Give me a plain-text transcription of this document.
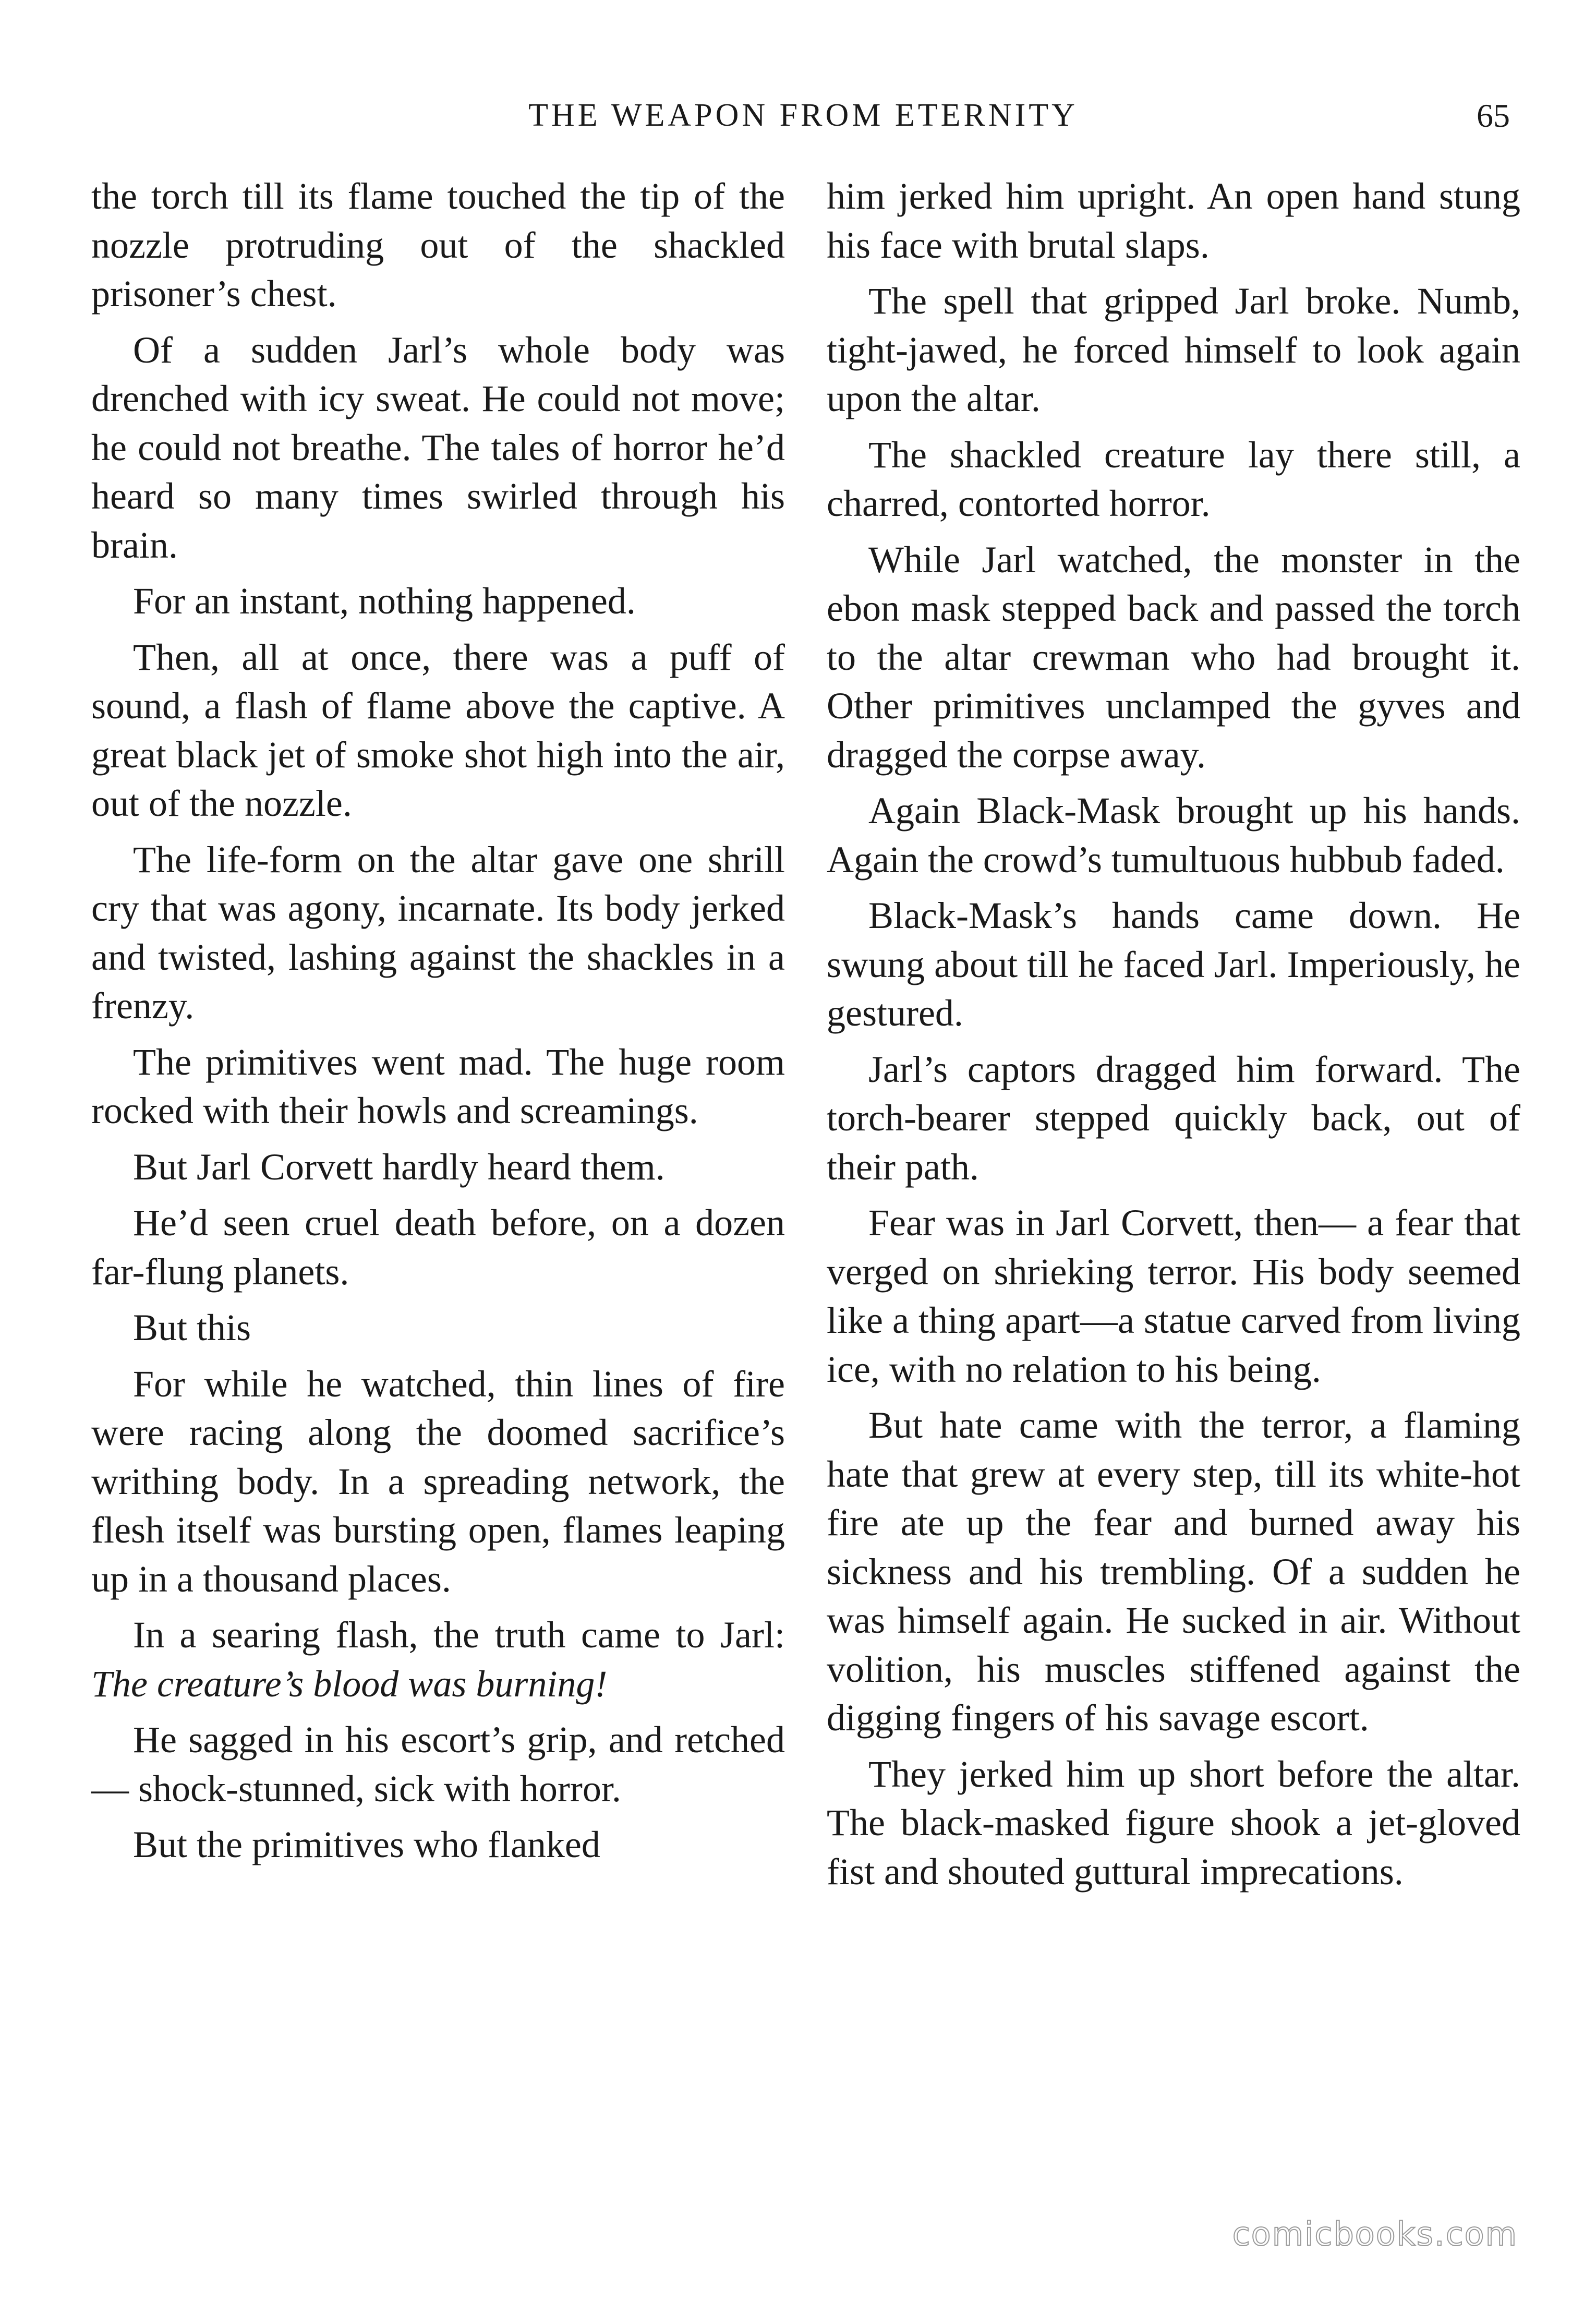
THE WEAPON FROM ETERNITY	65

the torch till its flame touched the tip of the nozzle protruding out of the shackled prisoner’s chest.

Of a sudden Jarl’s whole body was drenched with icy sweat. He could not move; he could not breathe. The tales of horror he’d heard so many times swirled through his brain.

For an instant, nothing happened.

Then, all at once, there was a puff of sound, a flash of flame above the captive. A great black jet of smoke shot high into the air, out of the nozzle.

The life-form on the altar gave one shrill cry that was agony, incarnate. Its body jerked and twisted, lashing against the shackles in a frenzy.

The primitives went mad. The huge room rocked with their howls and screamings.

But Jarl Corvett hardly heard them.

He’d seen cruel death before, on a dozen far-flung planets.

But this

For while he watched, thin lines of fire were racing along the doomed sacrifice’s writhing body. In a spreading network, the flesh itself was bursting open, flames leaping up in a thousand places.

In a searing flash, the truth came to Jarl: The creature’s blood was burning!

He sagged in his escort’s grip, and retched — shock-stunned, sick with horror.

But the primitives who flanked

him jerked him upright. An open hand stung his face with brutal slaps.

The spell that gripped Jarl broke. Numb, tight-jawed, he forced himself to look again upon the altar.

The shackled creature lay there still, a charred, contorted horror.

While Jarl watched, the monster in the ebon mask stepped back and passed the torch to the altar crewman who had brought it. Other primitives unclamped the gyves and dragged the corpse away.

Again Black-Mask brought up his hands. Again the crowd’s tumultuous hubbub faded.

Black-Mask’s hands came down. He swung about till he faced Jarl. Imperiously, he gestured.

Jarl’s captors dragged him forward. The torch-bearer stepped quickly back, out of their path.

Fear was in Jarl Corvett, then— a fear that verged on shrieking terror. His body seemed like a thing apart—a statue carved from living ice, with no relation to his being.

But hate came with the terror, a flaming hate that grew at every step, till its white-hot fire ate up the fear and burned away his sickness and his trembling. Of a sudden he was himself again. He sucked in air. Without volition, his muscles stiffened against the digging fingers of his savage escort.

They jerked him up short before the altar. The black-masked figure shook a jet-gloved fist and shouted guttural imprecations.

comicbooks.com
